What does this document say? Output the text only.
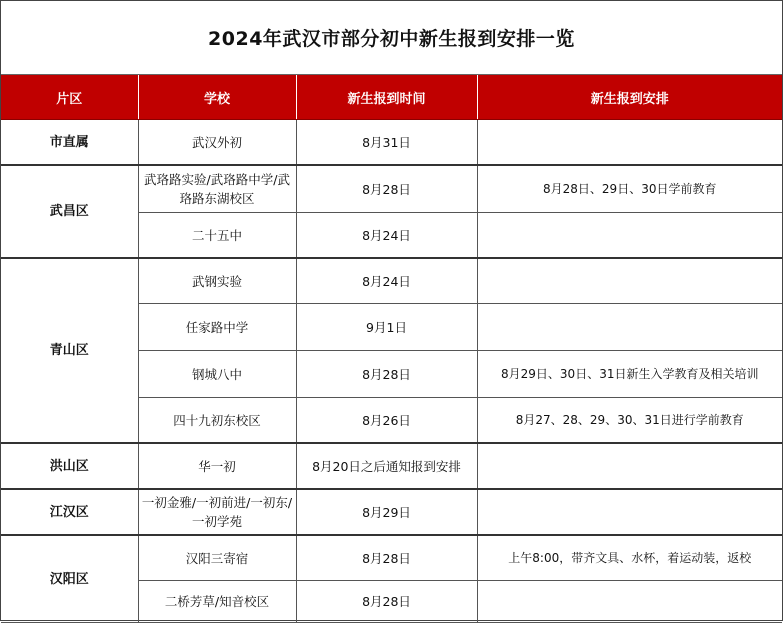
2024年武汉市部分初中新生报到安排一览
片区	学校	新生报到时间	新生报到安排
市直属	武汉外初	8月31日	
武昌区	武珞路实验/武珞路中学/武珞路东湖校区	8月28日	8月28日、29日、30日学前教育
	二十五中	8月24日	
青山区	武钢实验	8月24日	
	任家路中学	9月1日	
	钢城八中	8月28日	8月29日、30日、31日新生入学教育及相关培训
	四十九初东校区	8月26日	8月27、28、29、30、31日进行学前教育
洪山区	华一初	8月20日之后通知报到安排	
江汉区	一初金雅/一初前进/一初东/一初学苑	8月29日	
汉阳区	汉阳三寄宿	8月28日	上午8:00，带齐文具、水杯，着运动装，返校
	二桥芳草/知音校区	8月28日	
